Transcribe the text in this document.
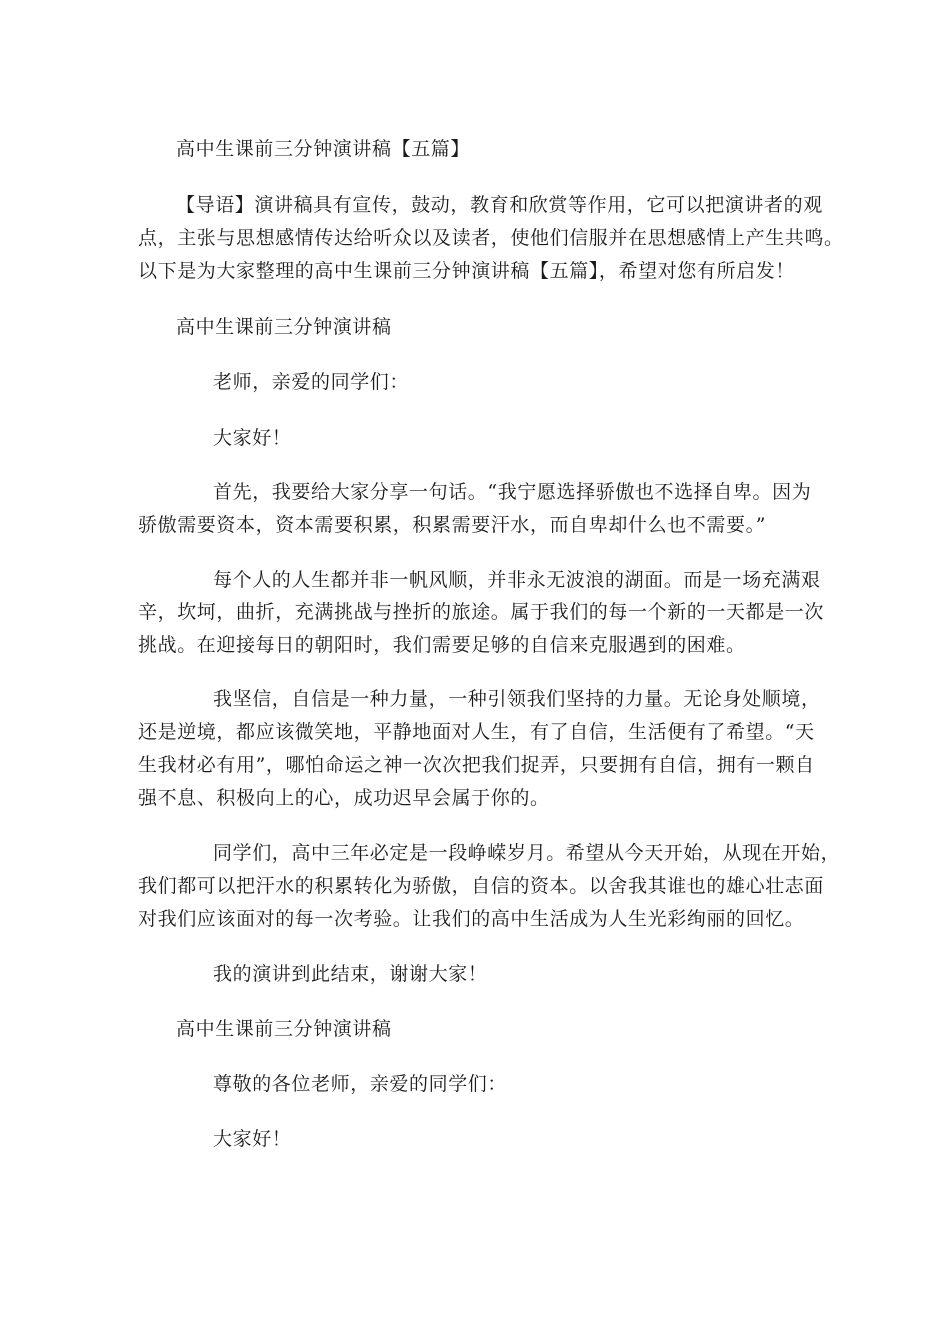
高中生课前三分钟演讲稿【五篇】
【导语】演讲稿具有宣传，鼓动，教育和欣赏等作用，它可以把演讲者的观
点，主张与思想感情传达给听众以及读者，使他们信服并在思想感情上产生共鸣。
以下是为大家整理的高中生课前三分钟演讲稿【五篇】，希望对您有所启发！
高中生课前三分钟演讲稿
老师，亲爱的同学们：
大家好！
首先，我要给大家分享一句话。“我宁愿选择骄傲也不选择自卑。因为
骄傲需要资本，资本需要积累，积累需要汗水，而自卑却什么也不需要。”
每个人的人生都并非一帆风顺，并非永无波浪的湖面。而是一场充满艰
辛，坎坷，曲折，充满挑战与挫折的旅途。属于我们的每一个新的一天都是一次
挑战。在迎接每日的朝阳时，我们需要足够的自信来克服遇到的困难。
我坚信，自信是一种力量，一种引领我们坚持的力量。无论身处顺境，
还是逆境，都应该微笑地，平静地面对人生，有了自信，生活便有了希望。“天
生我材必有用”，哪怕命运之神一次次把我们捉弄，只要拥有自信，拥有一颗自
强不息、积极向上的心，成功迟早会属于你的。
同学们，高中三年必定是一段峥嵘岁月。希望从今天开始，从现在开始，
我们都可以把汗水的积累转化为骄傲，自信的资本。以舍我其谁也的雄心壮志面
对我们应该面对的每一次考验。让我们的高中生活成为人生光彩绚丽的回忆。
我的演讲到此结束，谢谢大家！
高中生课前三分钟演讲稿
尊敬的各位老师，亲爱的同学们：
大家好！
